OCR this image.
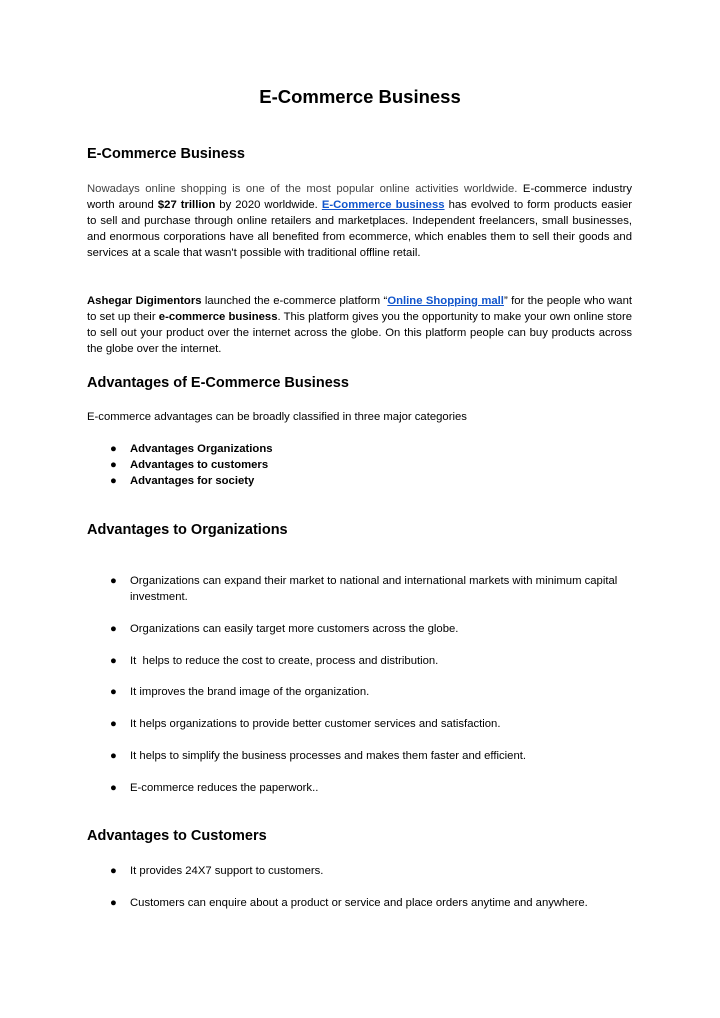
E-Commerce Business
E-Commerce Business
Nowadays online shopping is one of the most popular online activities worldwide. E-commerce industry worth around $27 trillion by 2020 worldwide. E-Commerce business has evolved to form products easier to sell and purchase through online retailers and marketplaces. Independent freelancers, small businesses, and enormous corporations have all benefited from ecommerce, which enables them to sell their goods and services at a scale that wasn't possible with traditional offline retail.
Ashegar Digimentors launched the e-commerce platform “Online Shopping mall” for the people who want to set up their e-commerce business. This platform gives you the opportunity to make your own online store to sell out your product over the internet across the globe. On this platform people can buy products across the globe over the internet.
Advantages of E-Commerce Business
E-commerce advantages can be broadly classified in three major categories
●	Advantages Organizations
●	Advantages to customers
●	Advantages for society
Advantages to Organizations
●	Organizations can expand their market to national and international markets with minimum capital investment.
●	Organizations can easily target more customers across the globe.
●	It  helps to reduce the cost to create, process and distribution.
●	It improves the brand image of the organization.
●	It helps organizations to provide better customer services and satisfaction.
●	It helps to simplify the business processes and makes them faster and efficient.
●	E-commerce reduces the paperwork..
Advantages to Customers
●	It provides 24X7 support to customers.
●	Customers can enquire about a product or service and place orders anytime and anywhere.
